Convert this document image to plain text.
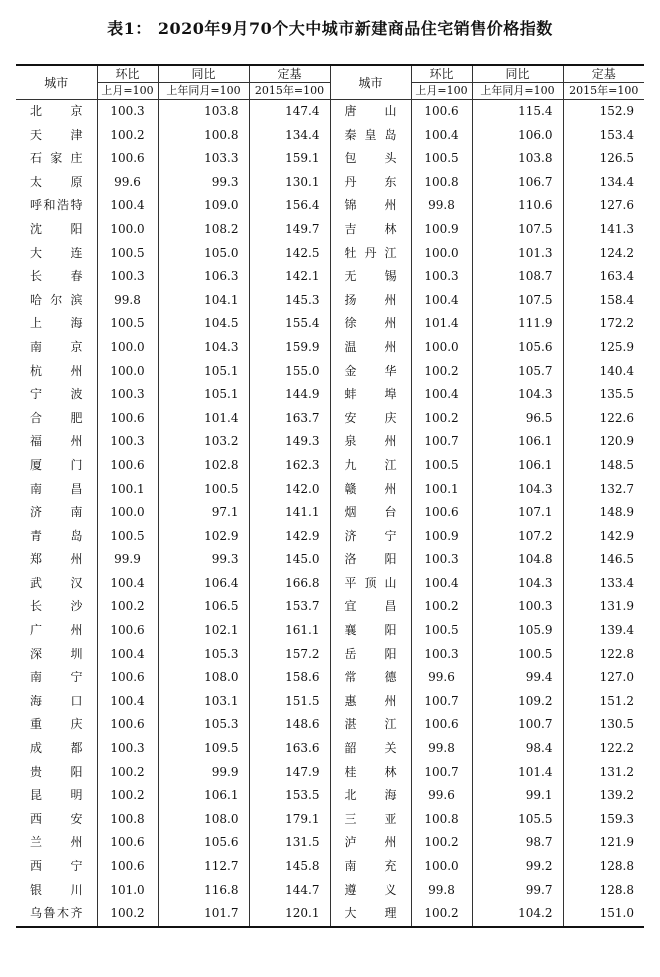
表1： 2020年9月70个大中城市新建商品住宅销售价格指数
城市	环比	同比	定基	城市	环比	同比	定基
	上月=100	上年同月=100	2015年=100		上月=100	上年同月=100	2015年=100
北京	100.3	103.8	147.4	唐山	100.6	115.4	152.9
天津	100.2	100.8	134.4	秦皇岛	100.4	106.0	153.4
石家庄	100.6	103.3	159.1	包头	100.5	103.8	126.5
太原	99.6	99.3	130.1	丹东	100.8	106.7	134.4
呼和浩特	100.4	109.0	156.4	锦州	99.8	110.6	127.6
沈阳	100.0	108.2	149.7	吉林	100.9	107.5	141.3
大连	100.5	105.0	142.5	牡丹江	100.0	101.3	124.2
长春	100.3	106.3	142.1	无锡	100.3	108.7	163.4
哈尔滨	99.8	104.1	145.3	扬州	100.4	107.5	158.4
上海	100.5	104.5	155.4	徐州	101.4	111.9	172.2
南京	100.0	104.3	159.9	温州	100.0	105.6	125.9
杭州	100.0	105.1	155.0	金华	100.2	105.7	140.4
宁波	100.3	105.1	144.9	蚌埠	100.4	104.3	135.5
合肥	100.6	101.4	163.7	安庆	100.2	96.5	122.6
福州	100.3	103.2	149.3	泉州	100.7	106.1	120.9
厦门	100.6	102.8	162.3	九江	100.5	106.1	148.5
南昌	100.1	100.5	142.0	赣州	100.1	104.3	132.7
济南	100.0	97.1	141.1	烟台	100.6	107.1	148.9
青岛	100.5	102.9	142.9	济宁	100.9	107.2	142.9
郑州	99.9	99.3	145.0	洛阳	100.3	104.8	146.5
武汉	100.4	106.4	166.8	平顶山	100.4	104.3	133.4
长沙	100.2	106.5	153.7	宜昌	100.2	100.3	131.9
广州	100.6	102.1	161.1	襄阳	100.5	105.9	139.4
深圳	100.4	105.3	157.2	岳阳	100.3	100.5	122.8
南宁	100.6	108.0	158.6	常德	99.6	99.4	127.0
海口	100.4	103.1	151.5	惠州	100.7	109.2	151.2
重庆	100.6	105.3	148.6	湛江	100.6	100.7	130.5
成都	100.3	109.5	163.6	韶关	99.8	98.4	122.2
贵阳	100.2	99.9	147.9	桂林	100.7	101.4	131.2
昆明	100.2	106.1	153.5	北海	99.6	99.1	139.2
西安	100.8	108.0	179.1	三亚	100.8	105.5	159.3
兰州	100.6	105.6	131.5	泸州	100.2	98.7	121.9
西宁	100.6	112.7	145.8	南充	100.0	99.2	128.8
银川	101.0	116.8	144.7	遵义	99.8	99.7	128.8
乌鲁木齐	100.2	101.7	120.1	大理	100.2	104.2	151.0
